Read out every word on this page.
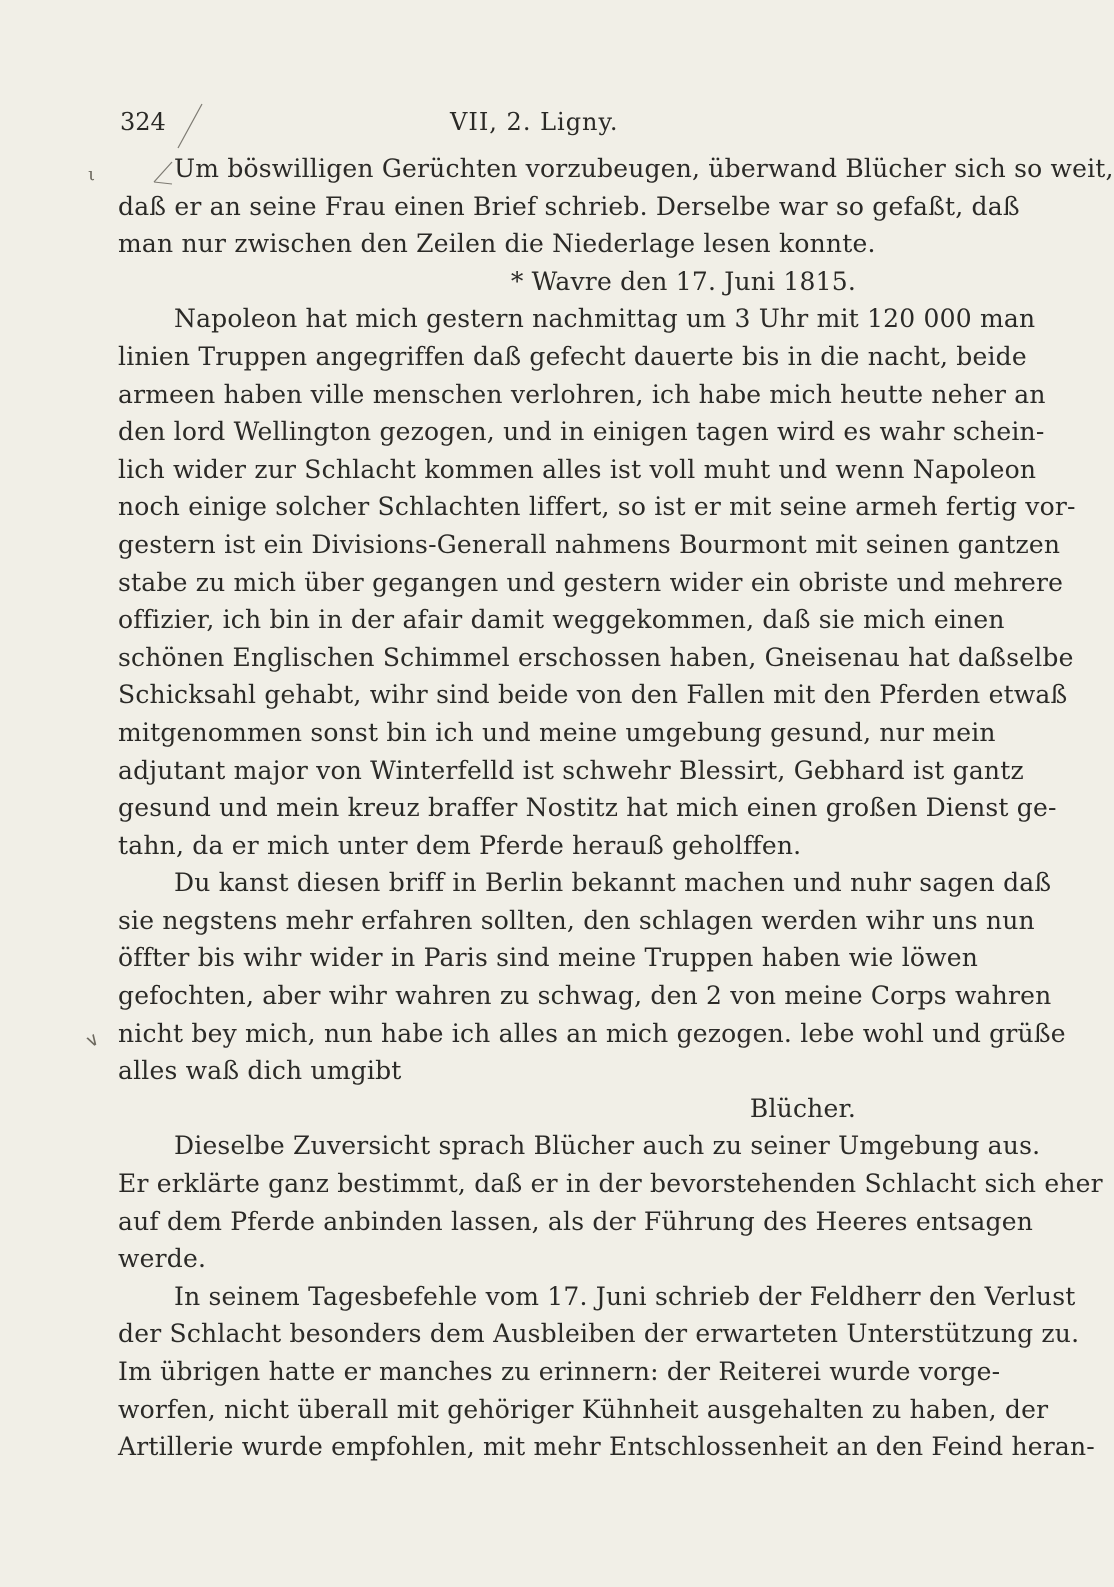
ι
∨
324	VII, 2. Ligny.
Um böswilligen Gerüchten vorzubeugen, überwand Blücher sich so weit,
daß er an seine Frau einen Brief schrieb. Derselbe war so gefaßt, daß
man nur zwischen den Zeilen die Niederlage lesen konnte.
* Wavre den 17. Juni 1815.
Napoleon hat mich gestern nachmittag um 3 Uhr mit 120 000 man
linien Truppen angegriffen daß gefecht dauerte bis in die nacht, beide
armeen haben ville menschen verlohren, ich habe mich heutte neher an
den lord Wellington gezogen, und in einigen tagen wird es wahr schein-
lich wider zur Schlacht kommen alles ist voll muht und wenn Napoleon
noch einige solcher Schlachten liffert, so ist er mit seine armeh fertig vor-
gestern ist ein Divisions-Generall nahmens Bourmont mit seinen gantzen
stabe zu mich über gegangen und gestern wider ein obriste und mehrere
offizier, ich bin in der afair damit weggekommen, daß sie mich einen
schönen Englischen Schimmel erschossen haben, Gneisenau hat daßselbe
Schicksahl gehabt, wihr sind beide von den Fallen mit den Pferden etwaß
mitgenommen sonst bin ich und meine umgebung gesund, nur mein
adjutant major von Winterfelld ist schwehr Blessirt, Gebhard ist gantz
gesund und mein kreuz braffer Nostitz hat mich einen großen Dienst ge-
tahn, da er mich unter dem Pferde herauß geholffen.
Du kanst diesen briff in Berlin bekannt machen und nuhr sagen daß
sie negstens mehr erfahren sollten, den schlagen werden wihr uns nun
öffter bis wihr wider in Paris sind meine Truppen haben wie löwen
gefochten, aber wihr wahren zu schwag, den 2 von meine Corps wahren
nicht bey mich, nun habe ich alles an mich gezogen. lebe wohl und grüße
alles waß dich umgibt
Blücher.
Dieselbe Zuversicht sprach Blücher auch zu seiner Umgebung aus.
Er erklärte ganz bestimmt, daß er in der bevorstehenden Schlacht sich eher
auf dem Pferde anbinden lassen, als der Führung des Heeres entsagen
werde.
In seinem Tagesbefehle vom 17. Juni schrieb der Feldherr den Verlust
der Schlacht besonders dem Ausbleiben der erwarteten Unterstützung zu.
Im übrigen hatte er manches zu erinnern: der Reiterei wurde vorge-
worfen, nicht überall mit gehöriger Kühnheit ausgehalten zu haben, der
Artillerie wurde empfohlen, mit mehr Entschlossenheit an den Feind heran-
